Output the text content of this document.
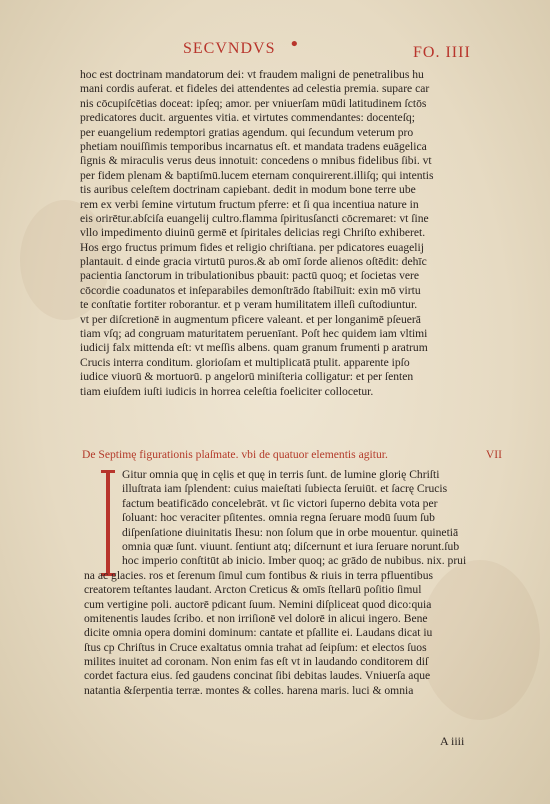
SECVNDVS •	FO. IIII
hoc est doctrinam mandatorum dei: vt fraudem maligni de penetralibus hu
mani cordis auferat. et fideles dei attendentes ad celestia premia. supare car
nis cōcupiſcētias doceat: ipſeq; amor. per vniuerſam mūdi latitudinem ſctōs
predicatores ducit. arguentes vitia. et virtutes commendantes: docenteſq;
per euangelium redemptori gratias agendum. qui ſecundum veterum pro
phetiam nouiſſimis temporibus incarnatus eſt. et mandata tradens euāgelica
ſignis & miraculis verus deus innotuit: concedens o mnibus fidelibus ſibi. vt
per fidem plenam & baptiſmū.lucem eternam conquirerent.illiſq; qui intentis
tis auribus celeſtem doctrinam capiebant. dedit in modum bone terre ube
rem ex verbi ſemine virtutum fructum pferre: et ſi qua incentiua nature in
eis orirētur.abſciſa euangelij cultro.flamma ſpiritusſancti cōcremaret: vt ſine
vllo impedimento diuinū germē et ſpiritales delicias regi Chriſto exhiberet.
Hos ergo fructus primum fides et religio chriſtiana. per pdicatores euagelij
plantauit. d einde gracia virtutū puros.& ab omī ſorde alienos oſtēdit: dehīc
pacientia ſanctorum in tribulationibus pbauit: pactū quoq; et ſocietas vere
cōcordie coadunatos et inſeparabiles demonſtrādo ſtabilīuit: exin mō virtu
te conſtatie fortiter roborantur. et p veram humilitatem illeſi cuſtodiuntur.
vt per diſcretionē in augmentum pficere valeant. et per longanimē pſeuerā
tiam vſq; ad congruam maturitatem peruenīant. Poſt hec quidem iam vltimi
iudicij falx mittenda eſt: vt meſſis albens. quam granum frumenti p aratrum
Crucis interra conditum. glorioſam et multiplicatā ptulit. apparente ipſo
iudice viuorū & mortuorū. p angelorū miniſteria colligatur: et per ſenten
tiam eiuſdem iuſti iudicis in horrea celeſtia foeliciter collocetur.
De Septimę figurationis plaſmate. vbi de quatuor elementis agitur.	VII
Gitur omnia quę in cęlis et quę in terris ſunt. de lumine glorię Chriſti
illuſtrata iam ſplendent: cuius maieſtati ſubiecta ſeruiūt. et ſacrę Crucis
factum beatificādo concelebrāt. vt ſic victori ſuperno debita vota per
ſoluant: hoc veraciter pſitentes. omnia regna ſeruare modū ſuum ſub
diſpenſatione diuinitatis Ihesu: non ſolum que in orbe mouentur. quinetiā
omnia quæ ſunt. viuunt. ſentiunt atq; diſcernunt et iura ſeruare norunt.ſub
hoc imperio conſtitūt ab inicio. Imber quoq; ac grādo de nubibus. nix. prui
na ac glacies. ros et ſerenum ſimul cum fontibus & riuis in terra pfluentibus
creatorem teſtantes laudant. Arcton Creticus & omīs ſtellarū poſitio ſimul
cum vertigine poli. auctorē pdicant ſuum. Nemini diſpliceat quod dico:quia
omitenentis laudes ſcribo. et non irriſionē vel dolorē in alicui ingero. Bene
dicite omnia opera domini dominum: cantate et pſallite ei. Laudans dicat iu
ſtus cp Chriſtus in Cruce exaltatus omnia trahat ad ſeipſum: et electos ſuos
milites inuitet ad coronam. Non enim fas eſt vt in laudando conditorem diſ
cordet factura eius. ſed gaudens concinat ſibi debitas laudes. Vniuerſa aque
natantia &ſerpentia terræ. montes & colles. harena maris. luci & omnia
A iiii
